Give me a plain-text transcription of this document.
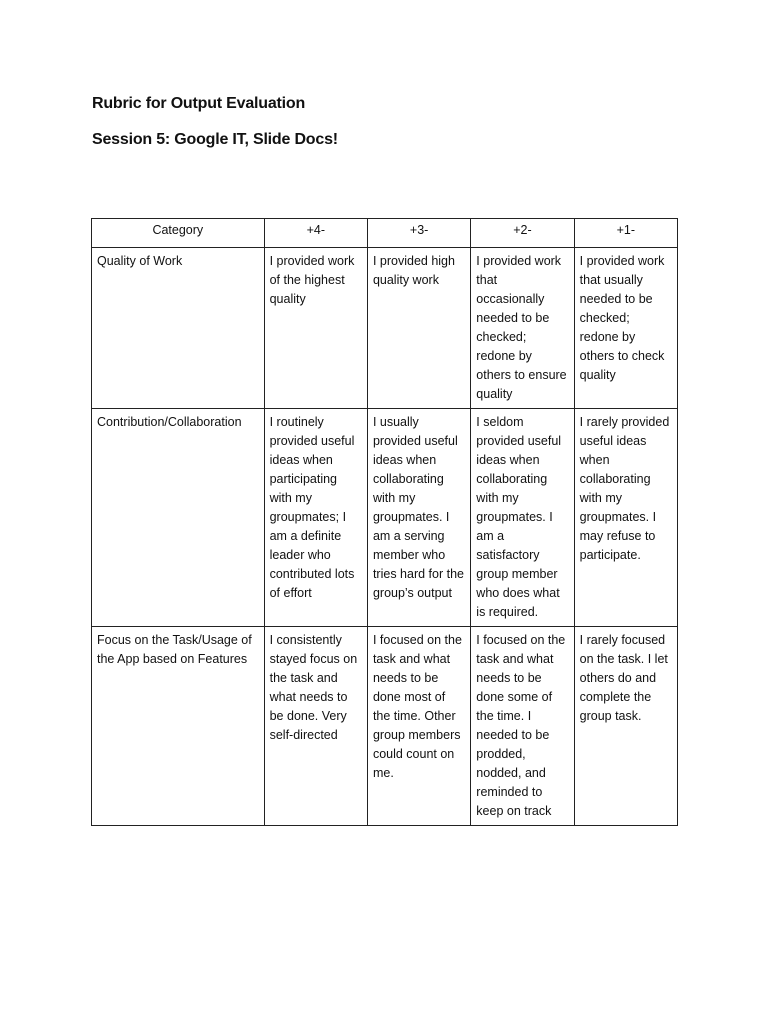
Rubric for Output Evaluation
Session 5: Google IT, Slide Docs!
Category	+4-	+3-	+2-	+1-
Quality of Work	I provided work of the highest quality	I provided high quality work	I provided work that occasionally needed to be checked; redone by others to ensure quality	I provided work that usually needed to be checked; redone by others to check quality
Contribution/Collaboration	I routinely provided useful ideas when participating with my groupmates; I am a definite leader who contributed lots of effort	I usually provided useful ideas when collaborating with my groupmates. I am a serving member who tries hard for the group’s output	I seldom provided useful ideas when collaborating with my groupmates. I am a satisfactory group member who does what is required.	I rarely provided useful ideas when collaborating with my groupmates. I may refuse to participate.
Focus on the Task/Usage of the App based on Features	I consistently stayed focus on the task and what needs to be done. Very self-directed	I focused on the task and what needs to be done most of the time. Other group members could count on me.	I focused on the task and what needs to be done some of the time. I needed to be prodded, nodded, and reminded to keep on track	I rarely focused on the task. I let others do and complete the group task.
